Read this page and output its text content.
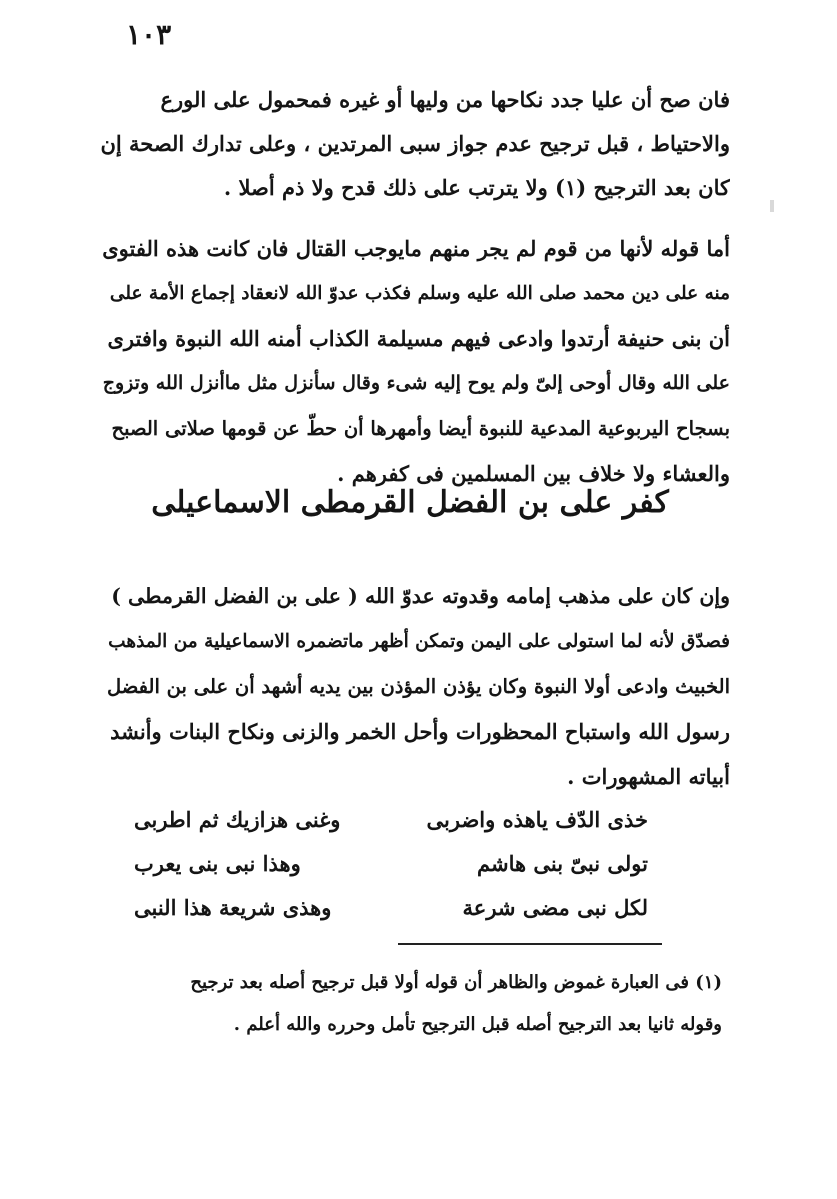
١٠٣
فان صح أن عليا جدد نكاحها من وليها أو غيره فمحمول على الورع
والاحتياط ، قبل ترجيح عدم جواز سبى المرتدين ، وعلى تدارك الصحة إن
كان بعد الترجيح (١) ولا يترتب على ذلك قدح ولا ذم أصلا .
أما قوله لأنها من قوم لم يجر منهم مايوجب القتال فان كانت هذه الفتوى
منه على دين محمد صلى الله عليه وسلم فكذب عدوّ الله لانعقاد إجماع الأمة على
أن بنى حنيفة أرتدوا وادعى فيهم مسيلمة الكذاب أمنه الله النبوة وافترى
على الله وقال أوحى إلىّ ولم يوح إليه شىء وقال سأنزل مثل ماأنزل الله وتزوج
بسجاح اليربوعية المدعية للنبوة أيضا وأمهرها أن حطّ عن قومها صلاتى الصبح
والعشاء ولا خلاف بين المسلمين فى كفرهم .
كفر على بن الفضل القرمطى الاسماعيلى
وإن كان على مذهب إمامه وقدوته عدوّ الله ( على بن الفضل القرمطى )
فصدّق لأنه لما استولى على اليمن وتمكن أظهر ماتضمره الاسماعيلية من المذهب
الخبيث وادعى أولا النبوة وكان يؤذن المؤذن بين يديه أشهد أن على بن الفضل
رسول الله واستباح المحظورات وأحل الخمر والزنى ونكاح البنات وأنشد
أبياته المشهورات .
خذى الدّف ياهذه واضربى
وغنى هزازيك ثم اطربى
تولى نبىّ بنى هاشم
وهذا نبى بنى يعرب
لكل نبى مضى شرعة
وهذى شريعة هذا النبى
(١) فى العبارة غموض والظاهر أن قوله أولا قبل ترجيح أصله بعد ترجيح
وقوله ثانيا بعد الترجيح أصله قبل الترجيح تأمل وحرره والله أعلم .
